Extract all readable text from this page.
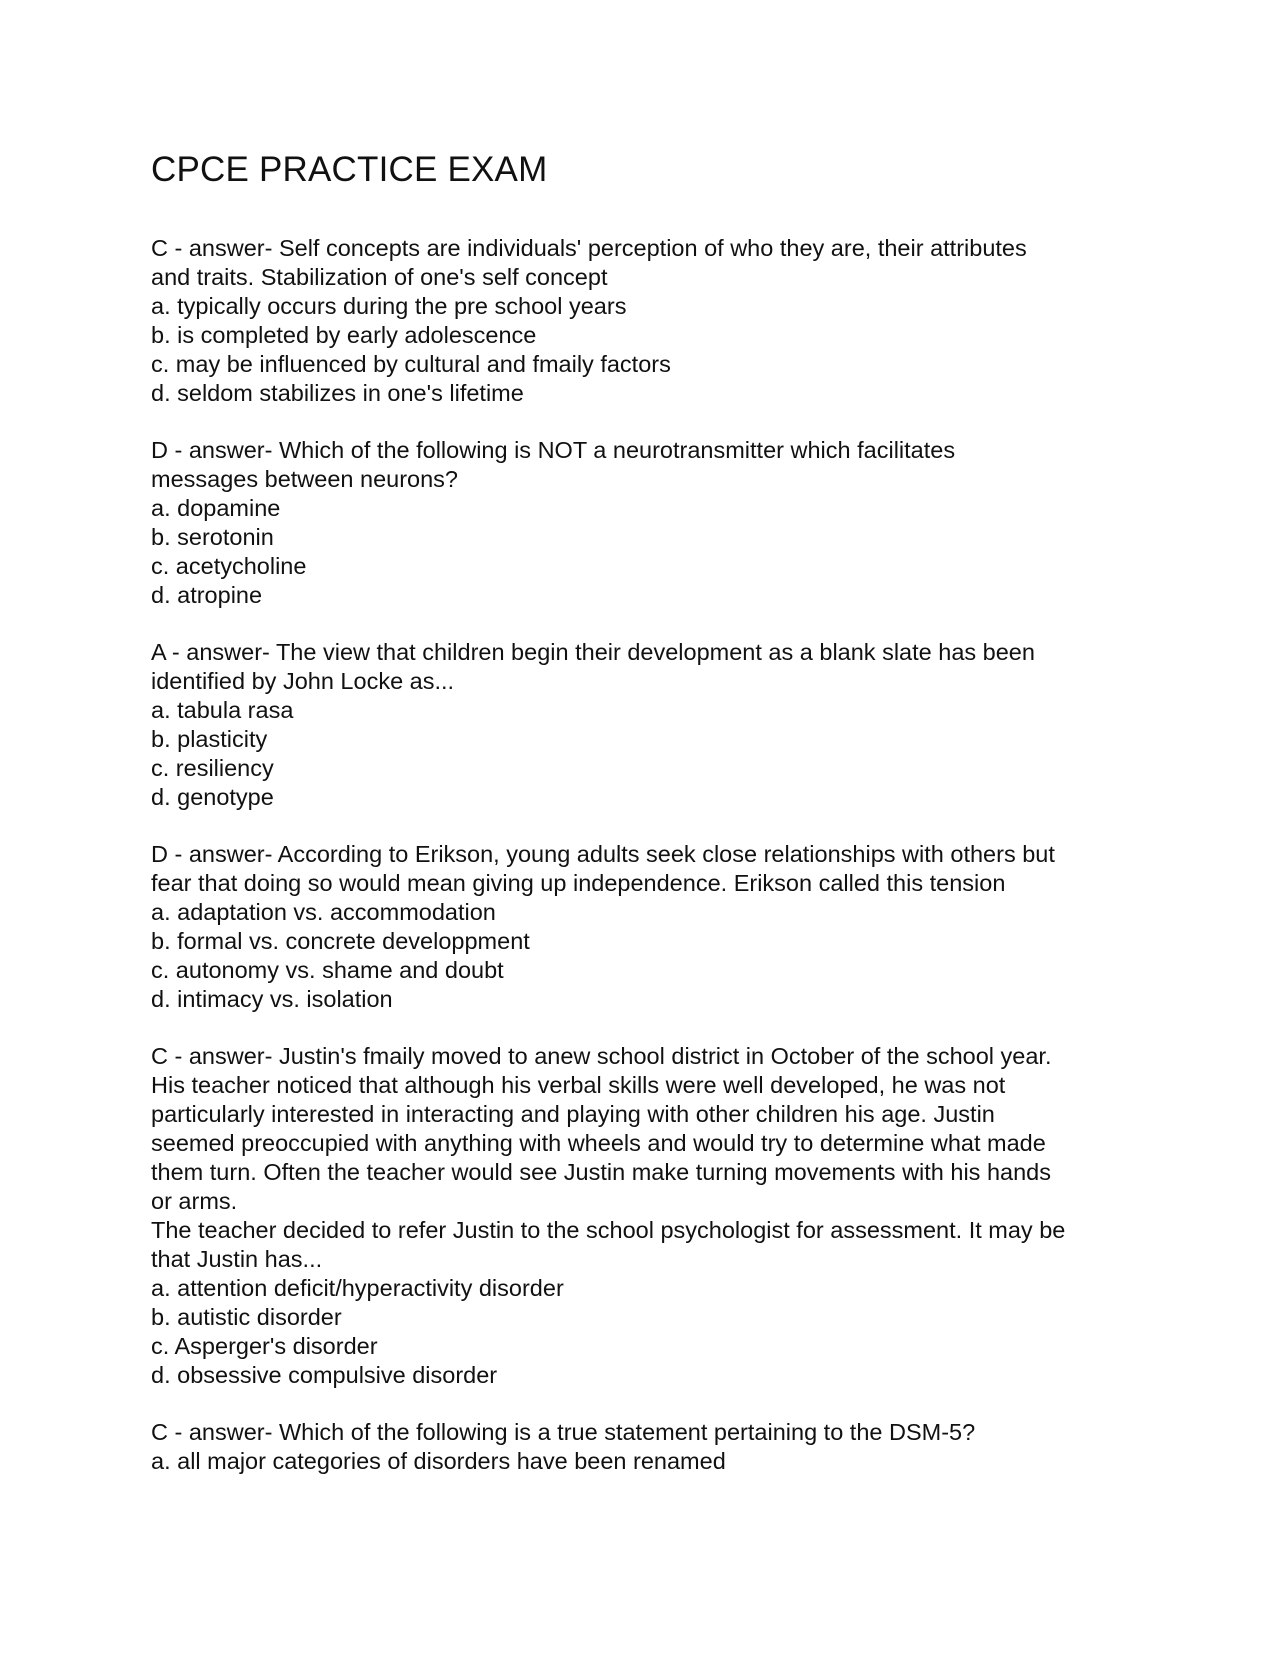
CPCE PRACTICE EXAM
C - answer- Self concepts are individuals' perception of who they are, their attributes
and traits. Stabilization of one's self concept
a. typically occurs during the pre school years
b. is completed by early adolescence
c. may be influenced by cultural and fmaily factors
d. seldom stabilizes in one's lifetime
D - answer- Which of the following is NOT a neurotransmitter which facilitates
messages between neurons?
a. dopamine
b. serotonin
c. acetycholine
d. atropine
A - answer- The view that children begin their development as a blank slate has been
identified by John Locke as...
a. tabula rasa
b. plasticity
c. resiliency
d. genotype
D - answer- According to Erikson, young adults seek close relationships with others but
fear that doing so would mean giving up independence. Erikson called this tension
a. adaptation vs. accommodation
b. formal vs. concrete developpment
c. autonomy vs. shame and doubt
d. intimacy vs. isolation
C - answer- Justin's fmaily moved to anew school district in October of the school year.
His teacher noticed that although his verbal skills were well developed, he was not
particularly interested in interacting and playing with other children his age. Justin
seemed preoccupied with anything with wheels and would try to determine what made
them turn. Often the teacher would see Justin make turning movements with his hands
or arms.
The teacher decided to refer Justin to the school psychologist for assessment. It may be
that Justin has...
a. attention deficit/hyperactivity disorder
b. autistic disorder
c. Asperger's disorder
d. obsessive compulsive disorder
C - answer- Which of the following is a true statement pertaining to the DSM-5?
a. all major categories of disorders have been renamed
